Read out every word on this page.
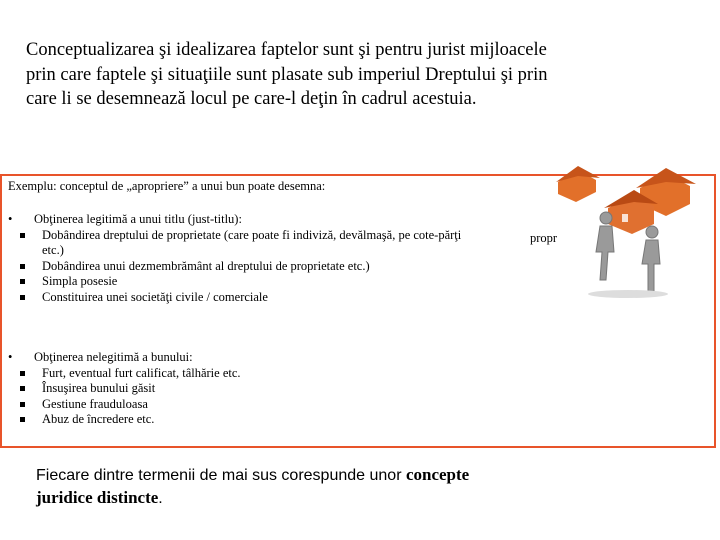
Conceptualizarea şi idealizarea faptelor sunt şi pentru jurist mijloacele prin care faptele şi situaţiile sunt plasate sub imperiul Dreptului şi prin care li se desemnează locul pe care-l deţin în cadrul acestuia.
Exemplu: conceptul de „apropriere” a unui bun poate desemna:
• Obţinerea legitimă a unui titlu (just-titlu):
Dobândirea dreptului de proprietate (care poate fi indiviză, devălmaşă, pe cote-părţi etc.)
Dobândirea unui dezmembrământ al dreptului de proprietate etc.)
Simpla posesie
Constituirea unei societăţi civile / comerciale
• Obţinerea nelegitimă a bunului:
Furt, eventual furt calificat, tâlhărie etc.
Însuşirea bunului găsit
Gestiune frauduloasa
Abuz de încredere etc.
propr
Fiecare dintre termenii de mai sus corespunde unor concepte juridice distincte.
